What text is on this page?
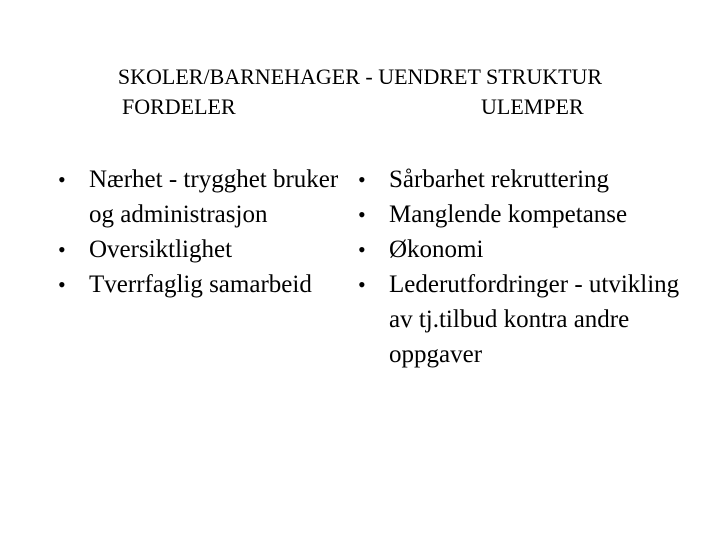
SKOLER/BARNEHAGER - UENDRET STRUKTUR
FORDELER	ULEMPER
• Nærhet - trygghet bruker og administrasjon
• Oversiktlighet
• Tverrfaglig samarbeid
• Sårbarhet rekruttering
• Manglende kompetanse
• Økonomi
• Lederutfordringer - utvikling av tj.tilbud kontra andre oppgaver
